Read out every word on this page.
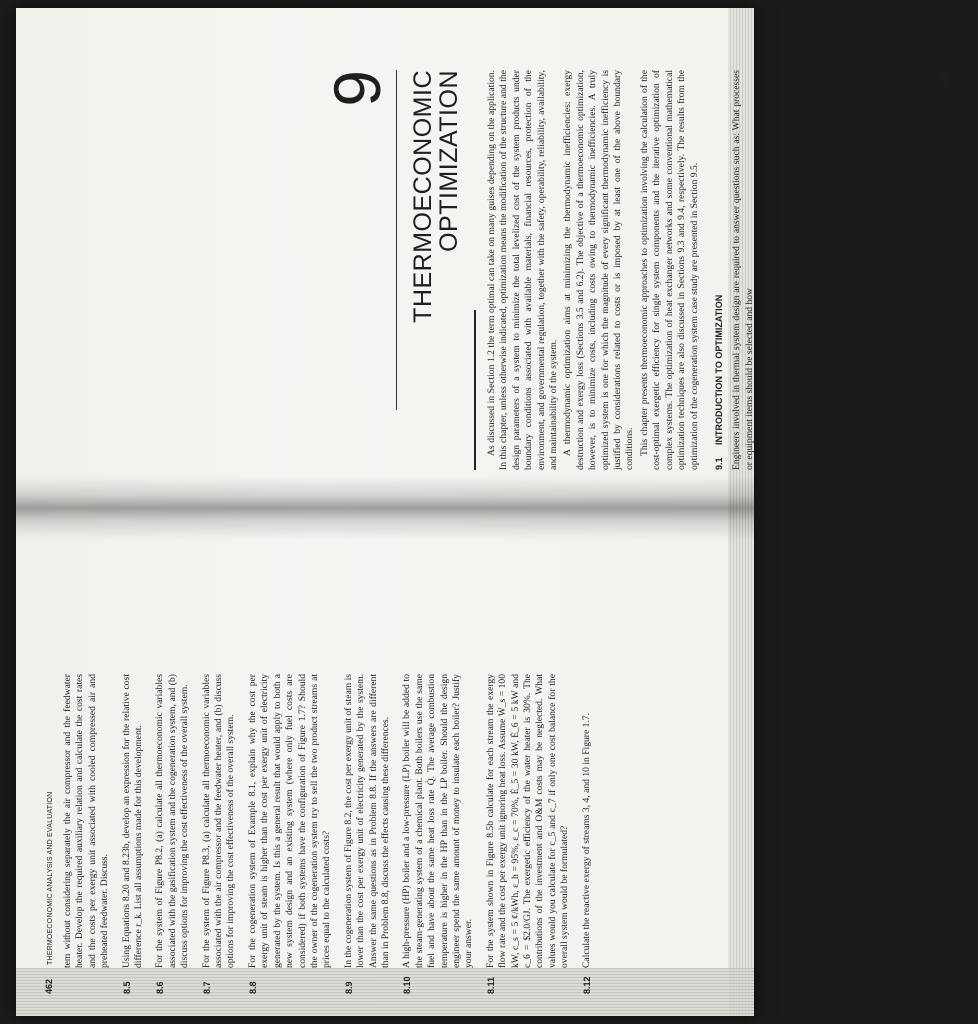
462
THERMOECONOMIC ANALYSIS AND EVALUATION tem without considering separately the air compressor and the feedwater heater. Develop the required auxiliary relation and calculate the cost rates and the costs per exergy unit associated with cooled compressed air and preheated feedwater. Discuss.
8.5
Using Equations 8.20 and 8.23b, develop an expression for the relative cost difference r_k. List all assumptions made for this development.
8.6
For the system of Figure P8.2, (a) calculate all thermoeconomic variables associated with the gasification system and the cogeneration system, and (b) discuss options for improving the cost effectiveness of the overall system.
8.7
For the system of Figure P8.3, (a) calculate all thermoeconomic variables associated with the air compressor and the feedwater heater, and (b) discuss options for improving the cost effectiveness of the overall system.
8.8
For the cogeneration system of Example 8.1, explain why the cost per exergy unit of steam is higher than the cost per exergy unit of electricity generated by the system. Is this a general result that would apply to both a new system design and an existing system (where only fuel costs are considered) if both systems have the configuration of Figure 1.7? Should the owner of the cogeneration system try to sell the two product streams at prices equal to the calculated costs?
8.9
In the cogeneration system of Figure 8.2, the cost per exergy unit of steam is lower than the cost per exergy unit of electricity generated by the system. Answer the same questions as in Problem 8.8. If the answers are different than in Problem 8.8, discuss the effects causing these differences.
8.10
A high-pressure (HP) boiler and a low-pressure (LP) boiler will be added to the steam-generating system of a chemical plant. Both boilers use the same fuel and have about the same heat loss rate Q̇. The average combustion temperature is higher in the HP than in the LP boiler. Should the design engineer spend the same amount of money to insulate each boiler? Justify your answer.
8.11
For the system shown in Figure 8.5b calculate for each stream the exergy flow rate and the cost per exergy unit ignoring heat loss. Assume Ẇ_s = 100 kW, c_s = 5 ¢/kWh, ε_h = 95%, ε_c = 70%, Ė_5 = 30 kW, Ė_6 = 5 kW and c_6 = $2.0/GJ. The exergetic efficiency of the water heater is 30%. The contributions of the investment and O&M costs may be neglected. What values would you calculate for c_5 and c_7 if only one cost balance for the overall system would be formulated?
8.12
Calculate the reactive exergy of streams 3, 4, and 10 in Figure 1.7.
9 THERMOECONOMIC
OPTIMIZATION As discussed in Section 1.2 the term optimal can take on many guises depending on the application. In this chapter, unless otherwise indicated, optimization means the modification of the structure and the design parameters of a system to minimize the total levelized cost of the system products under boundary conditions associated with available materials, financial resources, protection of the environment, and governmental regulation, together with the safety, operability, reliability, availability, and maintainability of the system. A thermodynamic optimization aims at minimizing the thermodynamic inefficiencies: exergy destruction and exergy loss (Sections 3.5 and 6.2). The objective of a thermoeconomic optimization, however, is to minimize costs, including costs owing to thermodynamic inefficiencies. A truly optimized system is one for which the magnitude of every significant thermodynamic inefficiency is justified by considerations related to costs or is imposed by at least one of the above boundary conditions. This chapter presents thermoeconomic approaches to optimization involving the calculation of the cost-optimal exergetic efficiency for single system components and the iterative optimization of complex systems. The optimization of heat exchanger networks and some conventional mathematical optimization techniques are also discussed in Sections 9.3 and 9.4, respectively. The results from the optimization of the cogeneration system case study are presented in Section 9.5. 9.1 INTRODUCTION TO OPTIMIZATION Engineers involved in thermal system design are required to answer questions such as: What processes or equipment items should be selected and how

463
